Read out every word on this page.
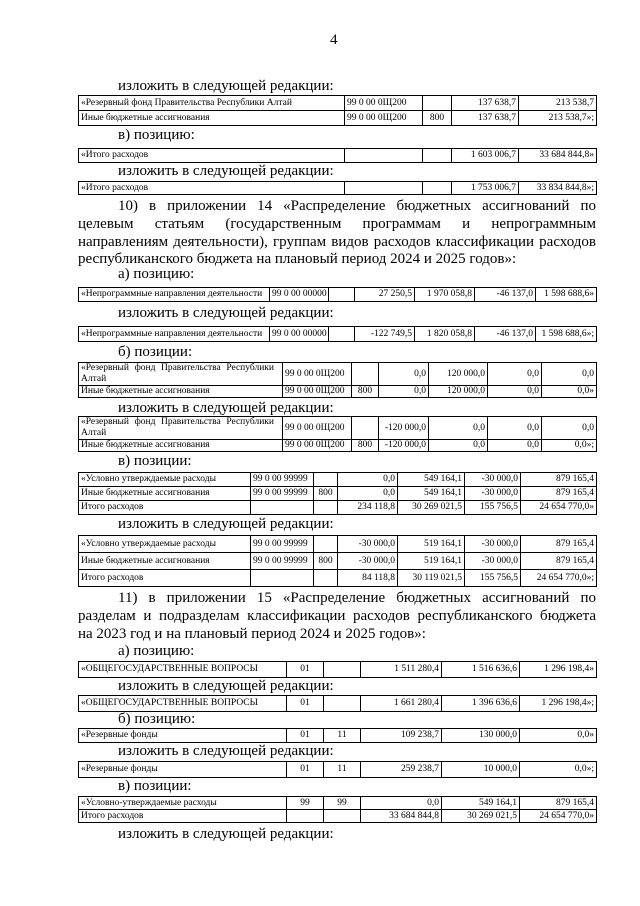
4
изложить в следующей редакции:
«Резервный фонд Правительства Республики Алтай	99 0 00 0Щ200		137 638,7	213 538,7
Иные бюджетные ассигнования	99 0 00 0Щ200	800	137 638,7	213 538,7»;
в) позицию:
«Итого расходов			1 603 006,7	33 684 844,8»
изложить в следующей редакции:
«Итого расходов			1 753 006,7	33 834 844,8»;
10) в приложении 14 «Распределение бюджетных ассигнований по
целевым статьям (государственным программам и непрограммным
направлениям деятельности), группам видов расходов классификации расходов
республиканского бюджета на плановый период 2024 и 2025 годов»:
а) позицию:
«Непрограммные направления деятельности	99 0 00 00000		27 250,5	1 970 058,8	-46 137,0	1 598 688,6»
изложить в следующей редакции:
«Непрограммные направления деятельности	99 0 00 00000		-122 749,5	1 820 058,8	-46 137,0	1 598 688,6»;
б) позиции:
«Резервный фонд Правительства Республики Алтай	99 0 00 0Щ200		0,0	120 000,0	0,0	0,0
Иные бюджетные ассигнования	99 0 00 0Щ200	800	0,0	120 000,0	0,0	0,0»
изложить в следующей редакции:
«Резервный фонд Правительства Республики Алтай	99 0 00 0Щ200		-120 000,0	0,0	0,0	0,0
Иные бюджетные ассигнования	99 0 00 0Щ200	800	-120 000,0	0,0	0,0	0,0»;
в) позиции:
«Условно утверждаемые расходы	99 0 00 99999		0,0	549 164,1	-30 000,0	879 165,4
Иные бюджетные ассигнования	99 0 00 99999	800	0,0	549 164,1	-30 000,0	879 165,4
Итого расходов			234 118,8	30 269 021,5	155 756,5	24 654 770,0»
изложить в следующей редакции:
«Условно утверждаемые расходы	99 0 00 99999		-30 000,0	519 164,1	-30 000,0	879 165,4
Иные бюджетные ассигнования	99 0 00 99999	800	-30 000,0	519 164,1	-30 000,0	879 165,4
Итого расходов			84 118,8	30 119 021,5	155 756,5	24 654 770,0»;
11) в приложении 15 «Распределение бюджетных ассигнований по
разделам и подразделам классификации расходов республиканского бюджета
на 2023 год и на плановый период 2024 и 2025 годов»:
а) позицию:
«ОБЩЕГОСУДАРСТВЕННЫЕ ВОПРОСЫ	01		1 511 280,4	1 516 636,6	1 296 198,4»
изложить в следующей редакции:
«ОБЩЕГОСУДАРСТВЕННЫЕ ВОПРОСЫ	01		1 661 280,4	1 396 636,6	1 296 198,4»;
б) позицию:
«Резервные фонды	01	11	109 238,7	130 000,0	0,0»
изложить в следующей редакции:
«Резервные фонды	01	11	259 238,7	10 000,0	0,0»;
в) позиции:
«Условно-утверждаемые расходы	99	99	0,0	549 164,1	879 165,4
Итого расходов			33 684 844,8	30 269 021,5	24 654 770,0»
изложить в следующей редакции:
